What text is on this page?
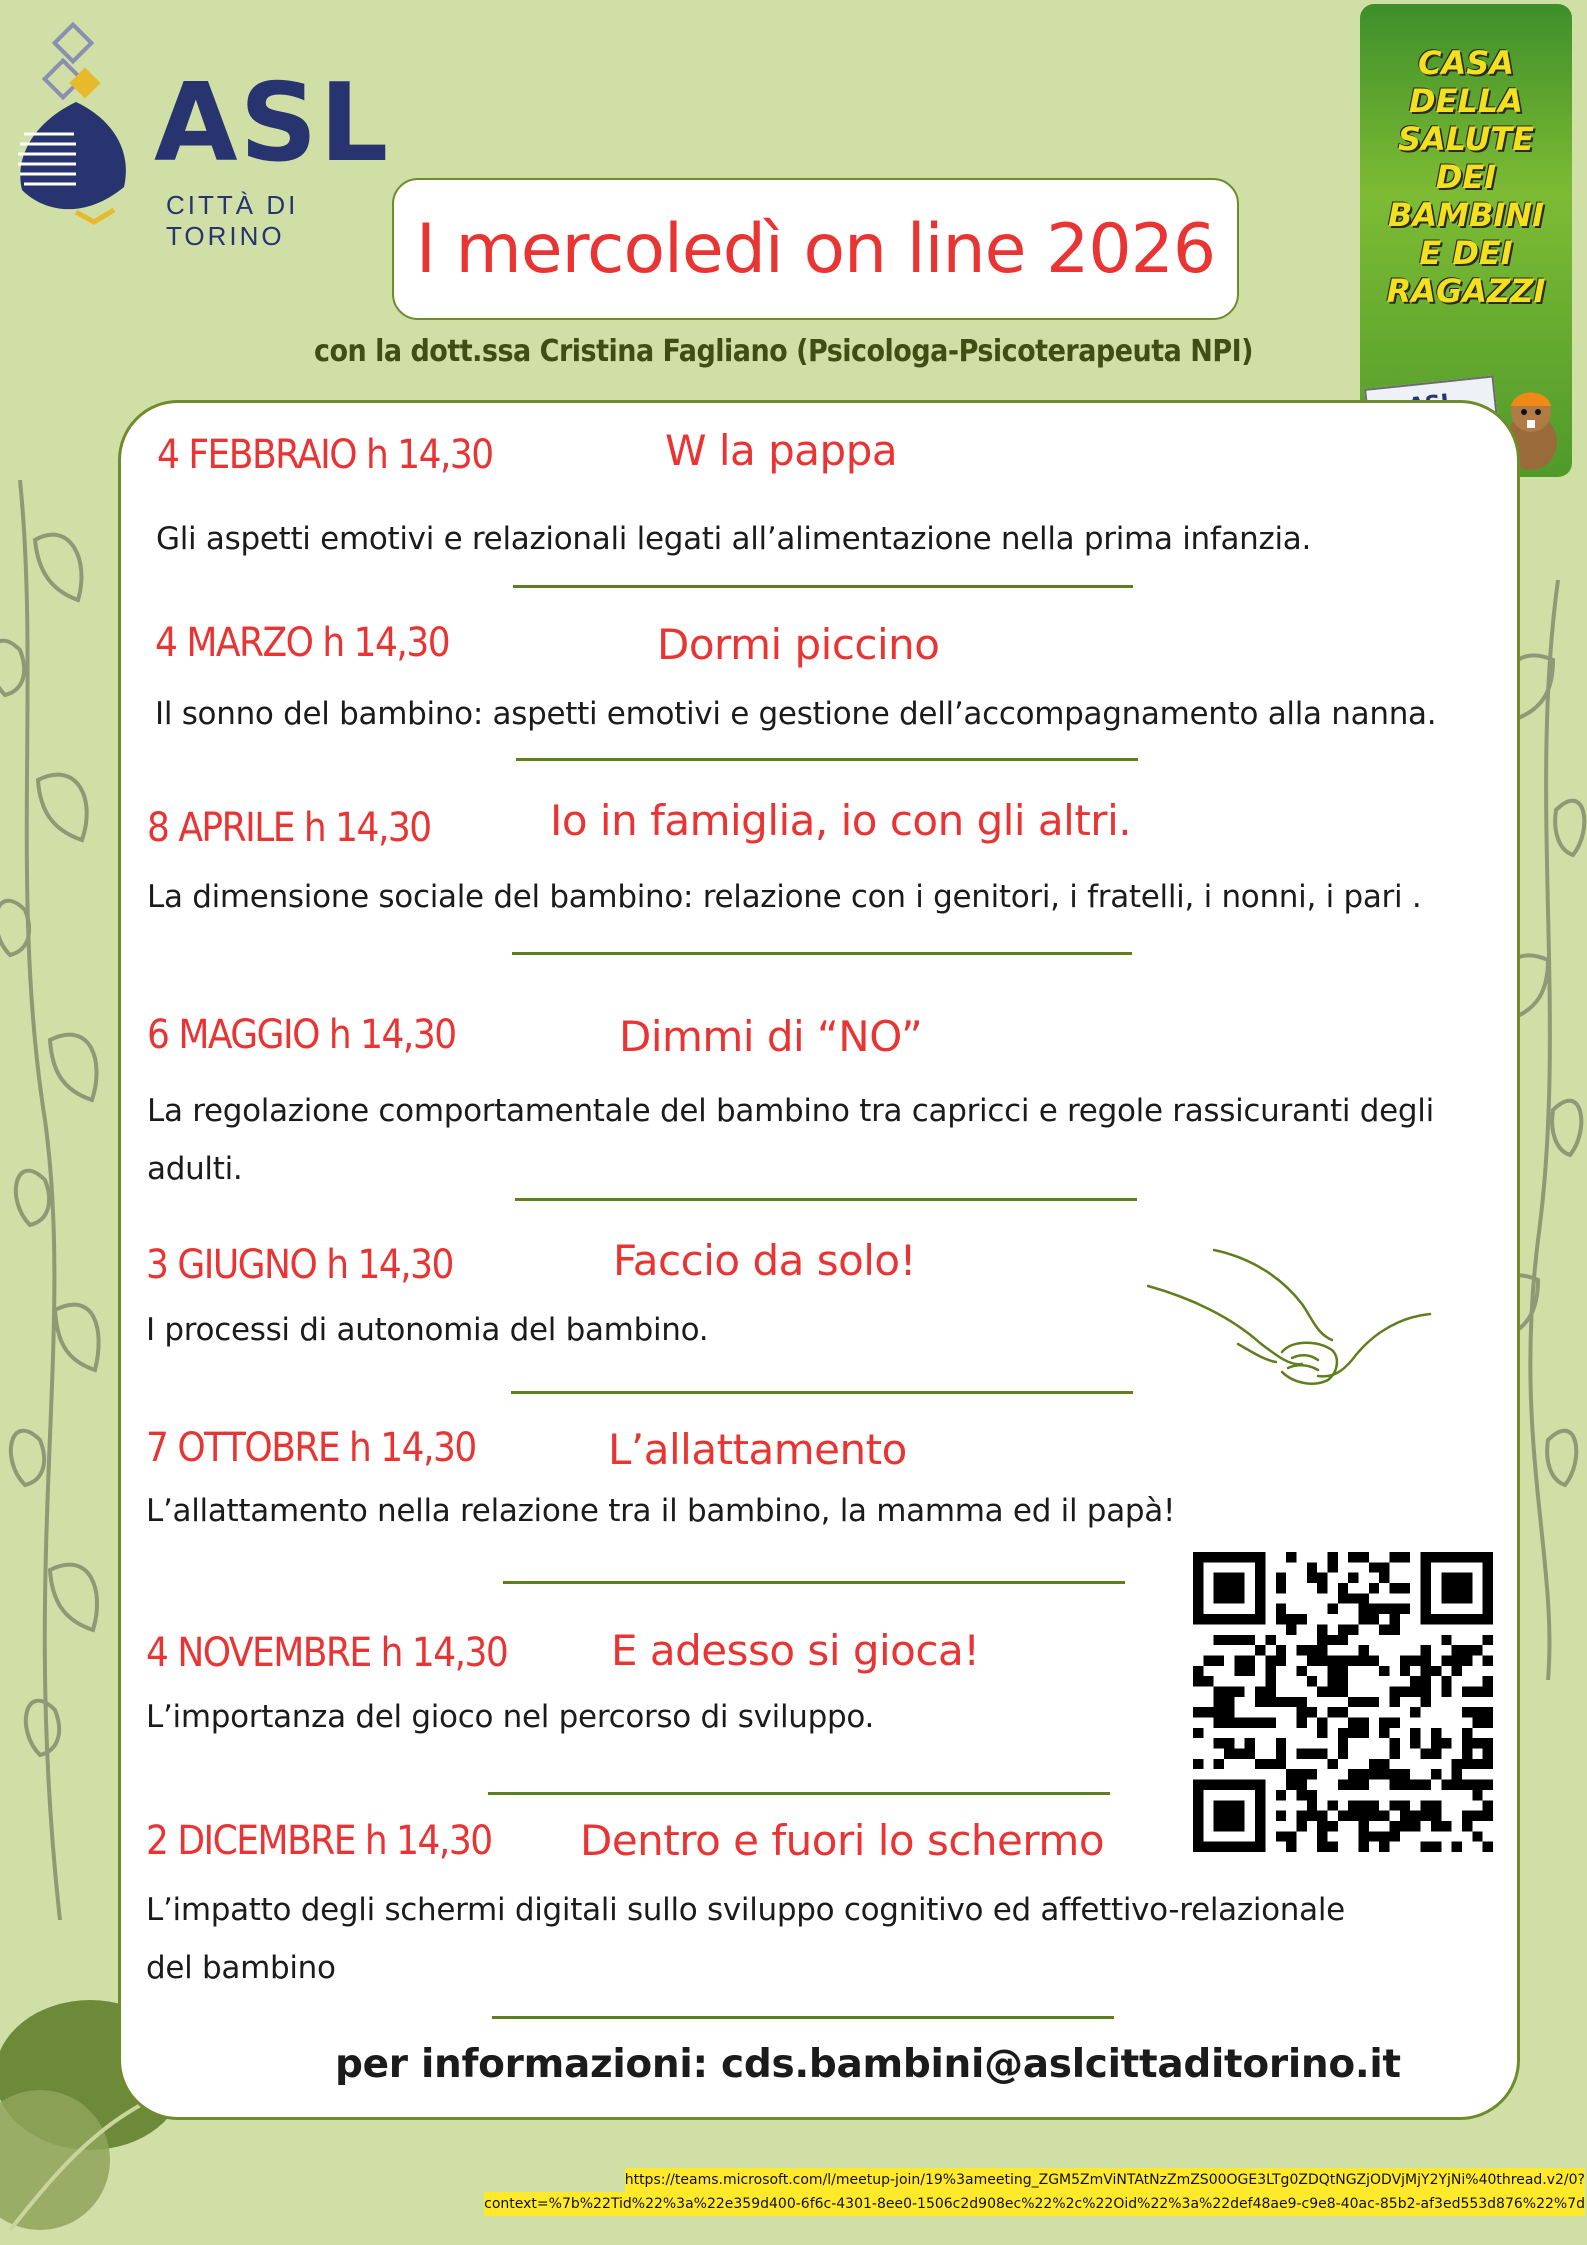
ASL
CITTÀ DI TORINO	I mercoledì on line 2026
con la dott.ssa Cristina Fagliano (Psicologa-Psicoterapeuta NPI)
CASA
DELLA
SALUTE
DEI
BAMBINI
E DEI
RAGAZZI
4 FEBBRAIO h 14,30	W la pappa
Gli aspetti emotivi e relazionali legati all’alimentazione nella prima infanzia.
4 MARZO h 14,30	Dormi piccino
Il sonno del bambino: aspetti emotivi e gestione dell’accompagnamento alla nanna.
8 APRILE h 14,30	Io in famiglia, io con gli altri.
La dimensione sociale del bambino: relazione con i genitori, i fratelli, i nonni, i pari .
6 MAGGIO h 14,30	Dimmi di “NO”
La regolazione comportamentale del bambino tra capricci e regole rassicuranti degli adulti.
3 GIUGNO h 14,30	Faccio da solo!
I processi di autonomia del bambino.
7 OTTOBRE h 14,30	L’allattamento
L’allattamento nella relazione tra il bambino, la mamma ed il papà!
4 NOVEMBRE h 14,30 E adesso si gioca!
L’importanza del gioco nel percorso di sviluppo.
2 DICEMBRE h 14,30 Dentro e fuori lo schermo
L’impatto degli schermi digitali sullo sviluppo cognitivo ed affettivo-relazionale del bambino
per informazioni: cds.bambini@aslcittaditorino.it
https://teams.microsoft.com/l/meetup-join/19%3ameeting_ZGM5ZmViNTAtNzZmZS00OGE3LTg0ZDQtNGZjODVjMjY2YjNi%40thread.v2/0?
context=%7b%22Tid%22%3a%22e359d400-6f6c-4301-8ee0-1506c2d908ec%22%2c%22Oid%22%3a%22def48ae9-c9e8-40ac-85b2-af3ed553d876%22%7d
